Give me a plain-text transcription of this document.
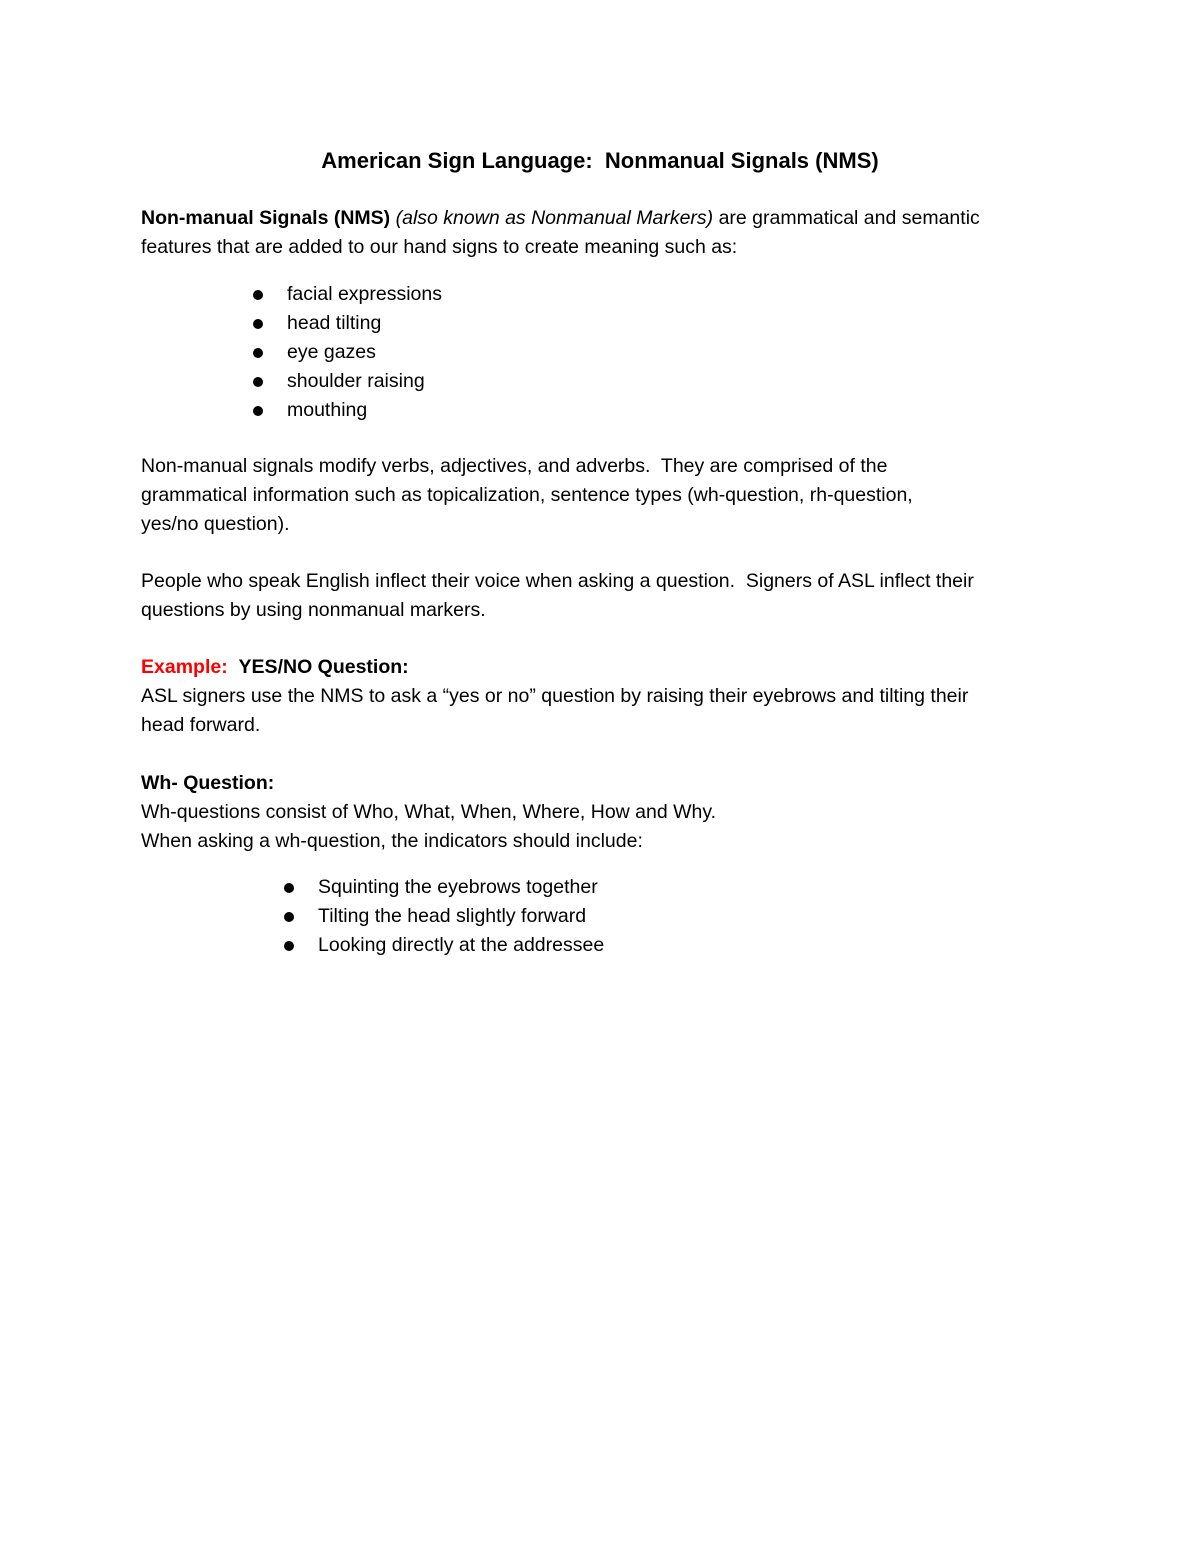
American Sign Language:  Nonmanual Signals (NMS)
Non-manual Signals (NMS) (also known as Nonmanual Markers) are grammatical and semantic
features that are added to our hand signs to create meaning such as:
facial expressions
head tilting
eye gazes
shoulder raising
mouthing
Non-manual signals modify verbs, adjectives, and adverbs.  They are comprised of the
grammatical information such as topicalization, sentence types (wh-question, rh-question,
yes/no question).
People who speak English inflect their voice when asking a question.  Signers of ASL inflect their
questions by using nonmanual markers.
Example: YES/NO Question:
ASL signers use the NMS to ask a “yes or no” question by raising their eyebrows and tilting their
head forward.
Wh- Question:
Wh-questions consist of Who, What, When, Where, How and Why.
When asking a wh-question, the indicators should include:
Squinting the eyebrows together
Tilting the head slightly forward
Looking directly at the addressee
